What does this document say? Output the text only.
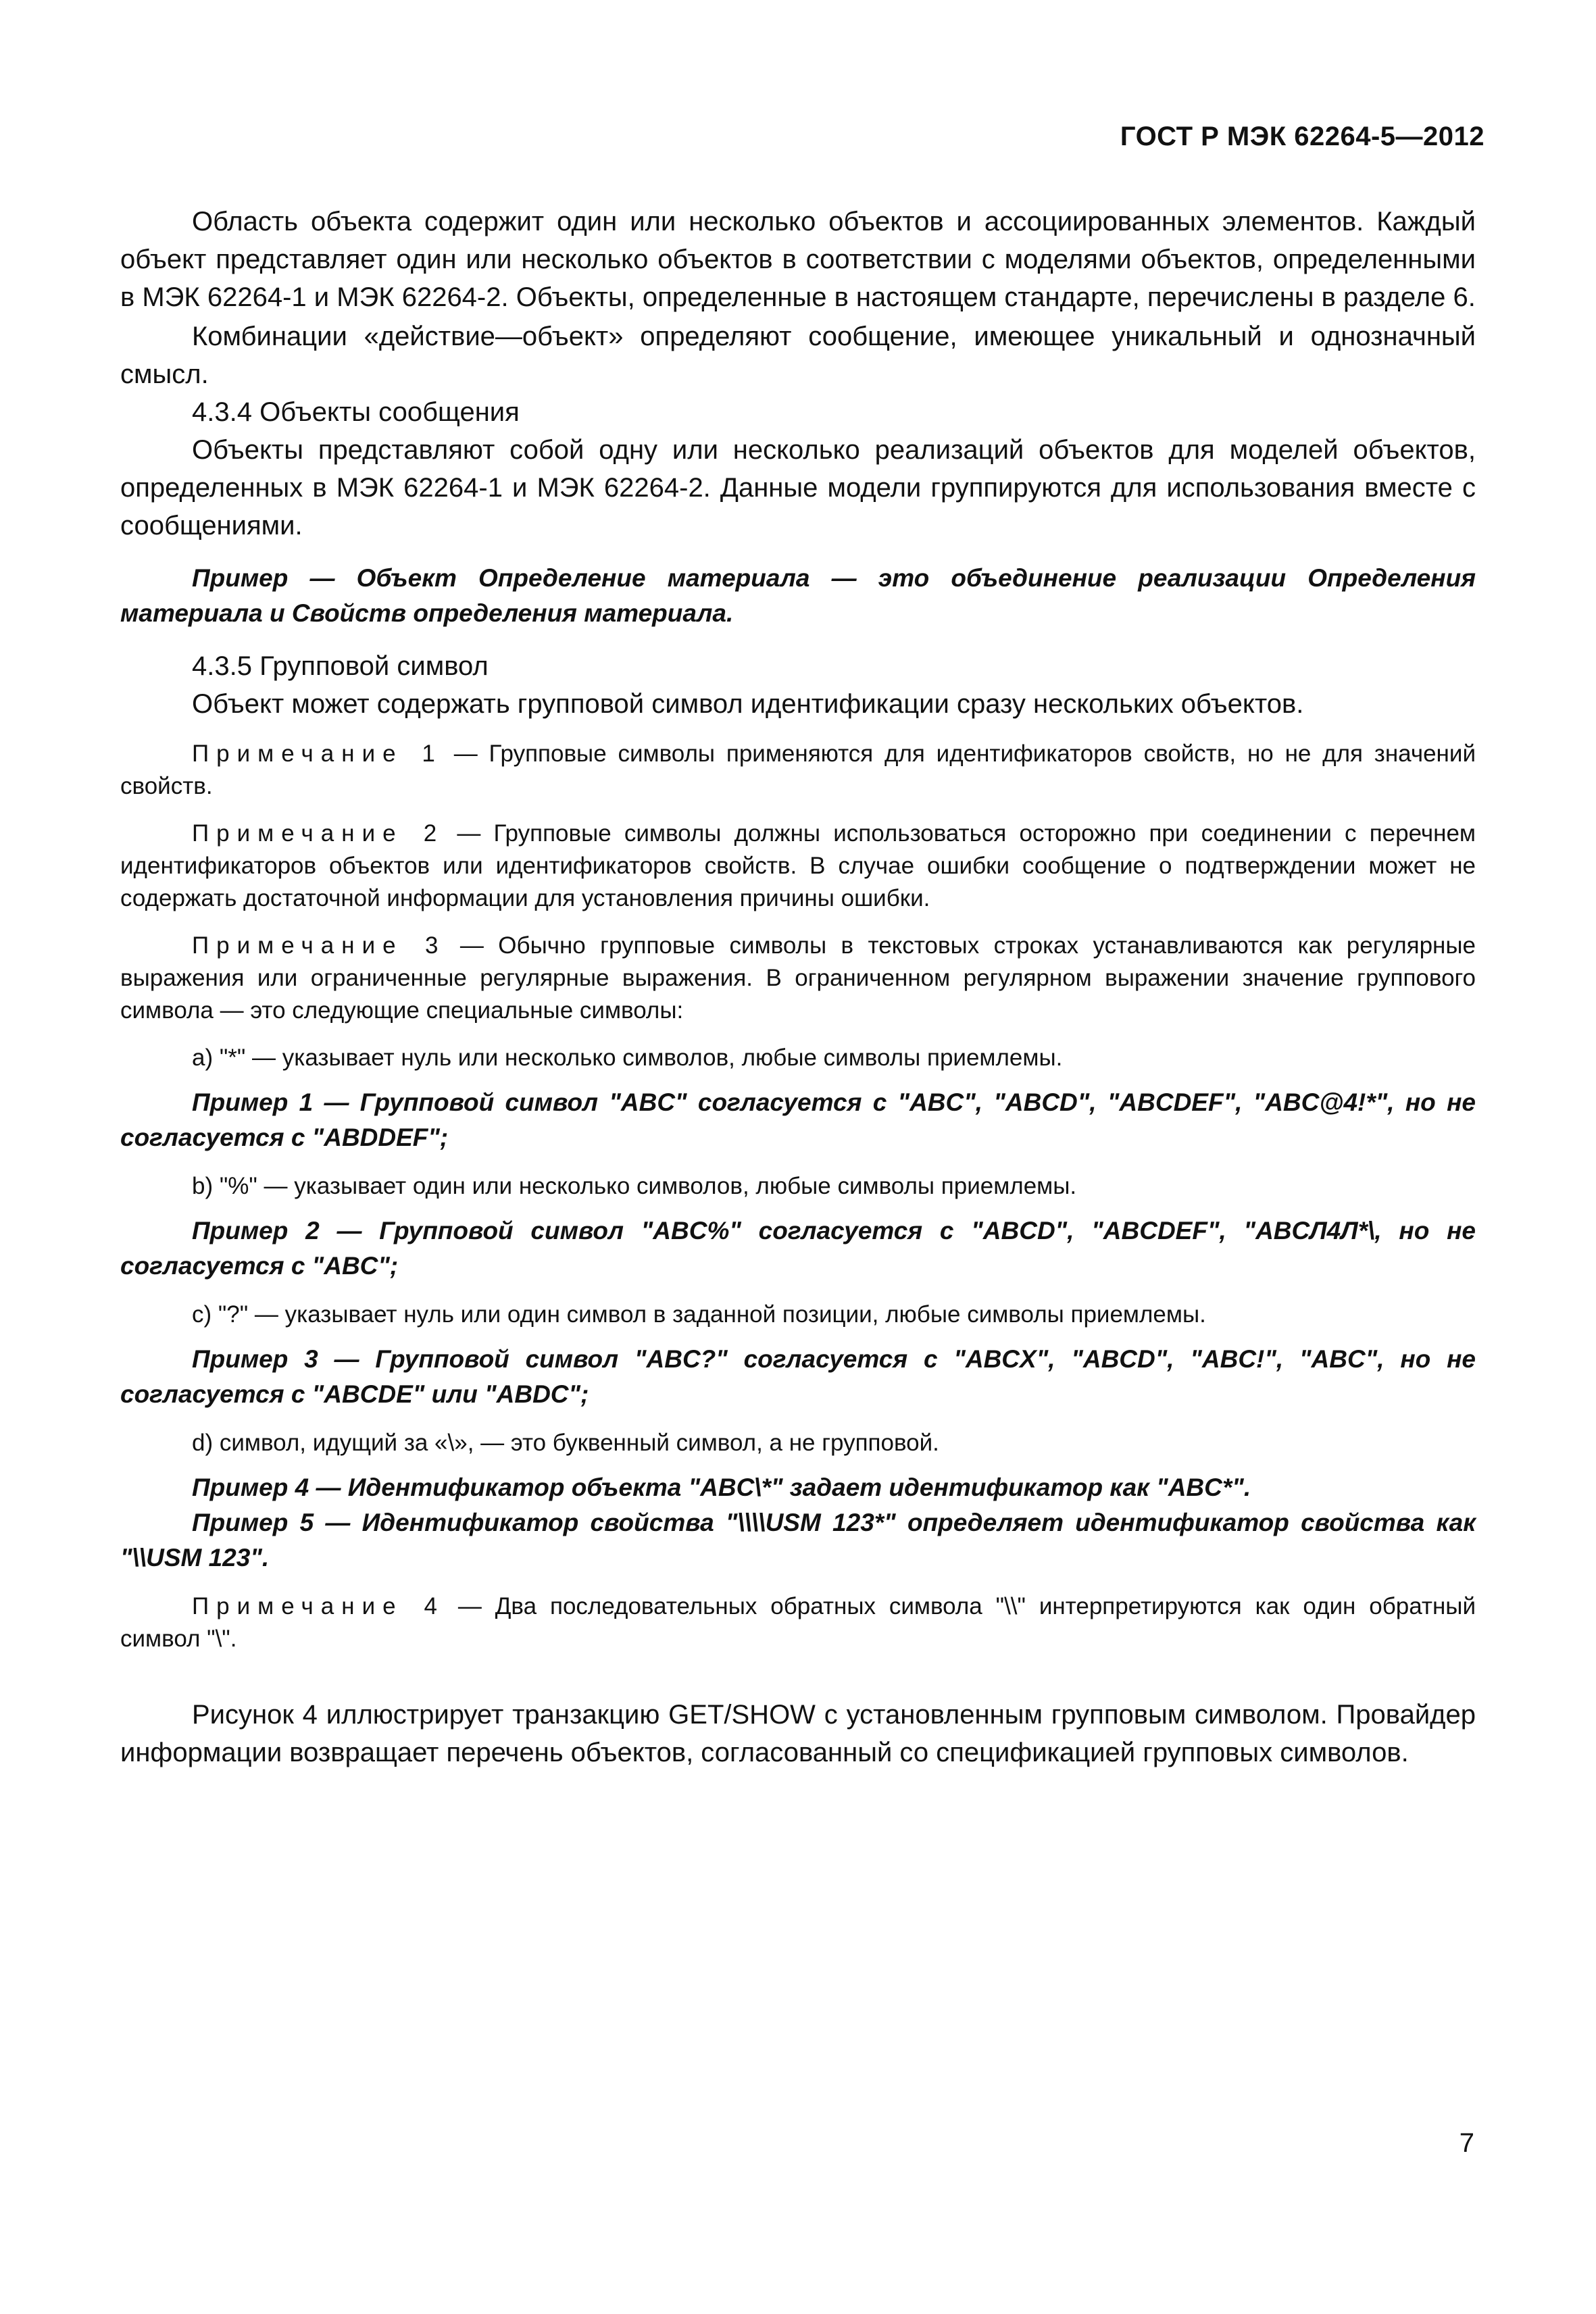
ГОСТ Р МЭК 62264-5—2012

Область объекта содержит один или несколько объектов и ассоциированных элементов. Каждый объект представляет один или несколько объектов в соответствии с моделями объектов, определенными в МЭК 62264-1 и МЭК 62264-2. Объекты, определенные в настоящем стандарте, перечислены в разделе 6.

Комбинации «действие—объект» определяют сообщение, имеющее уникальный и однозначный смысл.

4.3.4 Объекты сообщения

Объекты представляют собой одну или несколько реализаций объектов для моделей объектов, определенных в МЭК 62264-1 и МЭК 62264-2. Данные модели группируются для использования вместе с сообщениями.

Пример — Объект Определение материала — это объединение реализации Определения материала и Свойств определения материала.

4.3.5 Групповой символ

Объект может содержать групповой символ идентификации сразу нескольких объектов.

Примечание 1 — Групповые символы применяются для идентификаторов свойств, но не для значений свойств.

Примечание 2 — Групповые символы должны использоваться осторожно при соединении с перечнем идентификаторов объектов или идентификаторов свойств. В случае ошибки сообщение о подтверждении может не содержать достаточной информации для установления причины ошибки.

Примечание 3 — Обычно групповые символы в текстовых строках устанавливаются как регулярные выражения или ограниченные регулярные выражения. В ограниченном регулярном выражении значение группового символа — это следующие специальные символы:

a) "*" — указывает нуль или несколько символов, любые символы приемлемы.

Пример 1 — Групповой символ "ABC" согласуется с "ABC", "ABCD", "ABCDEF", "ABC@4!*", но не согласуется с "ABDDEF";

b) "%" — указывает один или несколько символов, любые символы приемлемы.

Пример 2 — Групповой символ "ABC%" согласуется с "ABCD", "ABCDEF", "ABCЛ4Л*\, но не согласуется с "ABC";

c) "?" — указывает нуль или один символ в заданной позиции, любые символы приемлемы.

Пример 3 — Групповой символ "ABC?" согласуется с "ABCX", "ABCD", "ABC!", "ABC", но не согласуется с "ABCDE" или "ABDC";

d) символ, идущий за «\», — это буквенный символ, а не групповой.

Пример 4 — Идентификатор объекта "ABC\*" задает идентификатор как "ABC*".

Пример 5 — Идентификатор свойства "\\\\USM 123*" определяет идентификатор свойства как "\\USM 123".

Примечание 4 — Два последовательных обратных символа "\\" интерпретируются как один обратный символ "\".

Рисунок 4 иллюстрирует транзакцию GET/SHOW с установленным групповым символом. Провайдер информации возвращает перечень объектов, согласованный со спецификацией групповых символов.

7
